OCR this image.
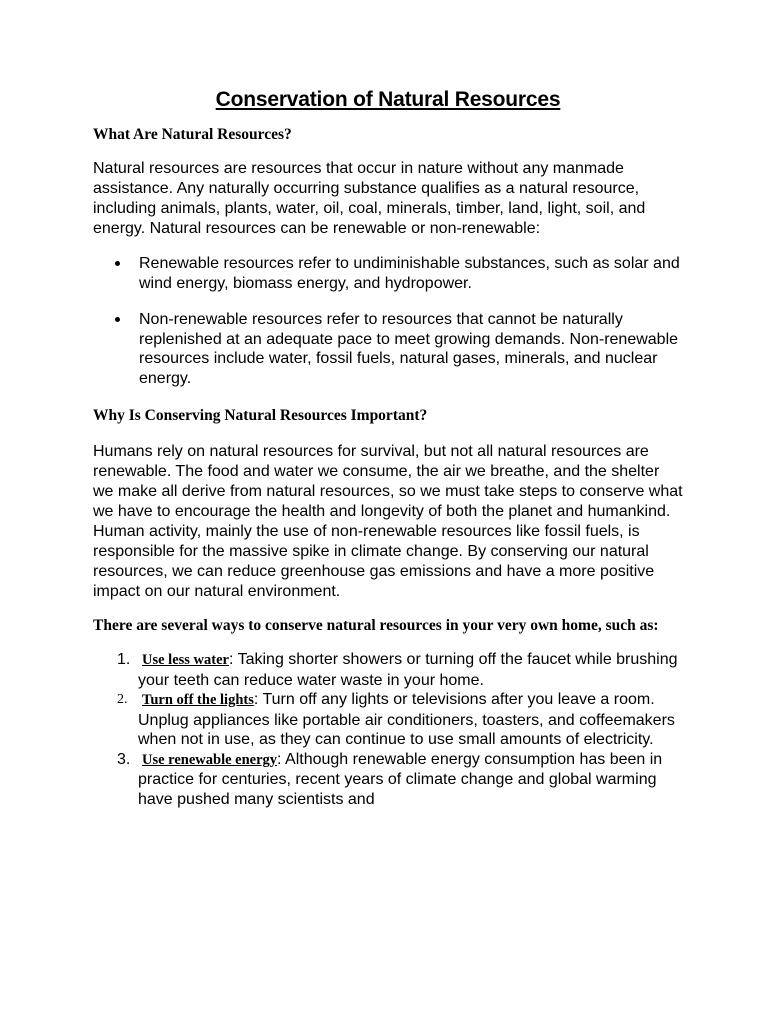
Conservation of Natural Resources

What Are Natural Resources?

Natural resources are resources that occur in nature without any manmade assistance. Any naturally occurring substance qualifies as a natural resource, including animals, plants, water, oil, coal, minerals, timber, land, light, soil, and energy. Natural resources can be renewable or non-renewable:

Renewable resources refer to undiminishable substances, such as solar and wind energy, biomass energy, and hydropower.
Non-renewable resources refer to resources that cannot be naturally replenished at an adequate pace to meet growing demands. Non-renewable resources include water, fossil fuels, natural gases, minerals, and nuclear energy.

Why Is Conserving Natural Resources Important?

Humans rely on natural resources for survival, but not all natural resources are renewable. The food and water we consume, the air we breathe, and the shelter we make all derive from natural resources, so we must take steps to conserve what we have to encourage the health and longevity of both the planet and humankind. Human activity, mainly the use of non-renewable resources like fossil fuels, is responsible for the massive spike in climate change. By conserving our natural resources, we can reduce greenhouse gas emissions and have a more positive impact on our natural environment.

There are several ways to conserve natural resources in your very own home, such as:

1. Use less water: Taking shorter showers or turning off the faucet while brushing your teeth can reduce water waste in your home.
2. Turn off the lights: Turn off any lights or televisions after you leave a room. Unplug appliances like portable air conditioners, toasters, and coffeemakers when not in use, as they can continue to use small amounts of electricity.
3. Use renewable energy: Although renewable energy consumption has been in practice for centuries, recent years of climate change and global warming have pushed many scientists and
